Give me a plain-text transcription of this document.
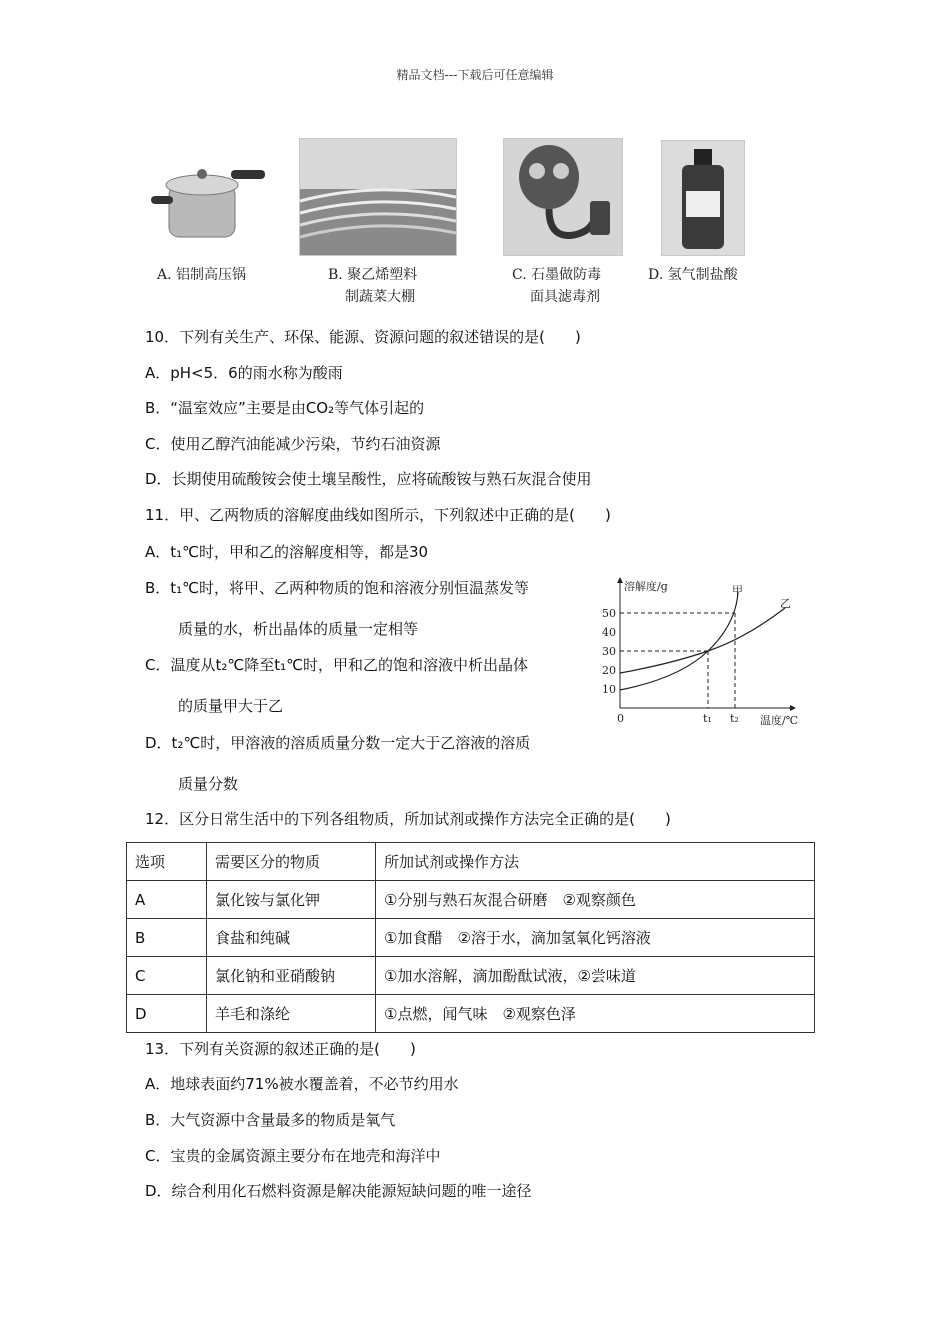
精品文档---下载后可任意编辑
A. 铝制高压锅	B. 聚乙烯塑料
制蔬菜大棚
C. 石墨做防毒
面具滤毒剂
D. 氢气制盐酸
10．下列有关生产、环保、能源、资源问题的叙述错误的是(　　)
A．pH<5．6的雨水称为酸雨
B．“温室效应”主要是由CO₂等气体引起的
C．使用乙醇汽油能减少污染，节约石油资源
D．长期使用硫酸铵会使土壤呈酸性，应将硫酸铵与熟石灰混合使用
11．甲、乙两物质的溶解度曲线如图所示，下列叙述中正确的是(　　)
A．t₁℃时，甲和乙的溶解度相等，都是30
B．t₁℃时，将甲、乙两种物质的饱和溶液分别恒温蒸发等
质量的水，析出晶体的质量一定相等
C．温度从t₂℃降至t₁℃时，甲和乙的饱和溶液中析出晶体
的质量甲大于乙
D．t₂℃时，甲溶液的溶质质量分数一定大于乙溶液的溶质
质量分数
溶解度/g
温度/℃
0
50
40
30
20
10
t₁ t₂
甲
乙
12．区分日常生活中的下列各组物质，所加试剂或操作方法完全正确的是(　　)
选项	需要区分的物质	所加试剂或操作方法
A	氯化铵与氯化钾	①分别与熟石灰混合研磨　②观察颜色
B	食盐和纯碱	①加食醋　②溶于水，滴加氢氧化钙溶液
C	氯化钠和亚硝酸钠	①加水溶解，滴加酚酞试液，②尝味道
D	羊毛和涤纶	①点燃，闻气味　②观察色泽
13．下列有关资源的叙述正确的是(　　)
A．地球表面约71%被水覆盖着，不必节约用水
B．大气资源中含量最多的物质是氧气
C．宝贵的金属资源主要分布在地壳和海洋中
D．综合利用化石燃料资源是解决能源短缺问题的唯一途径
